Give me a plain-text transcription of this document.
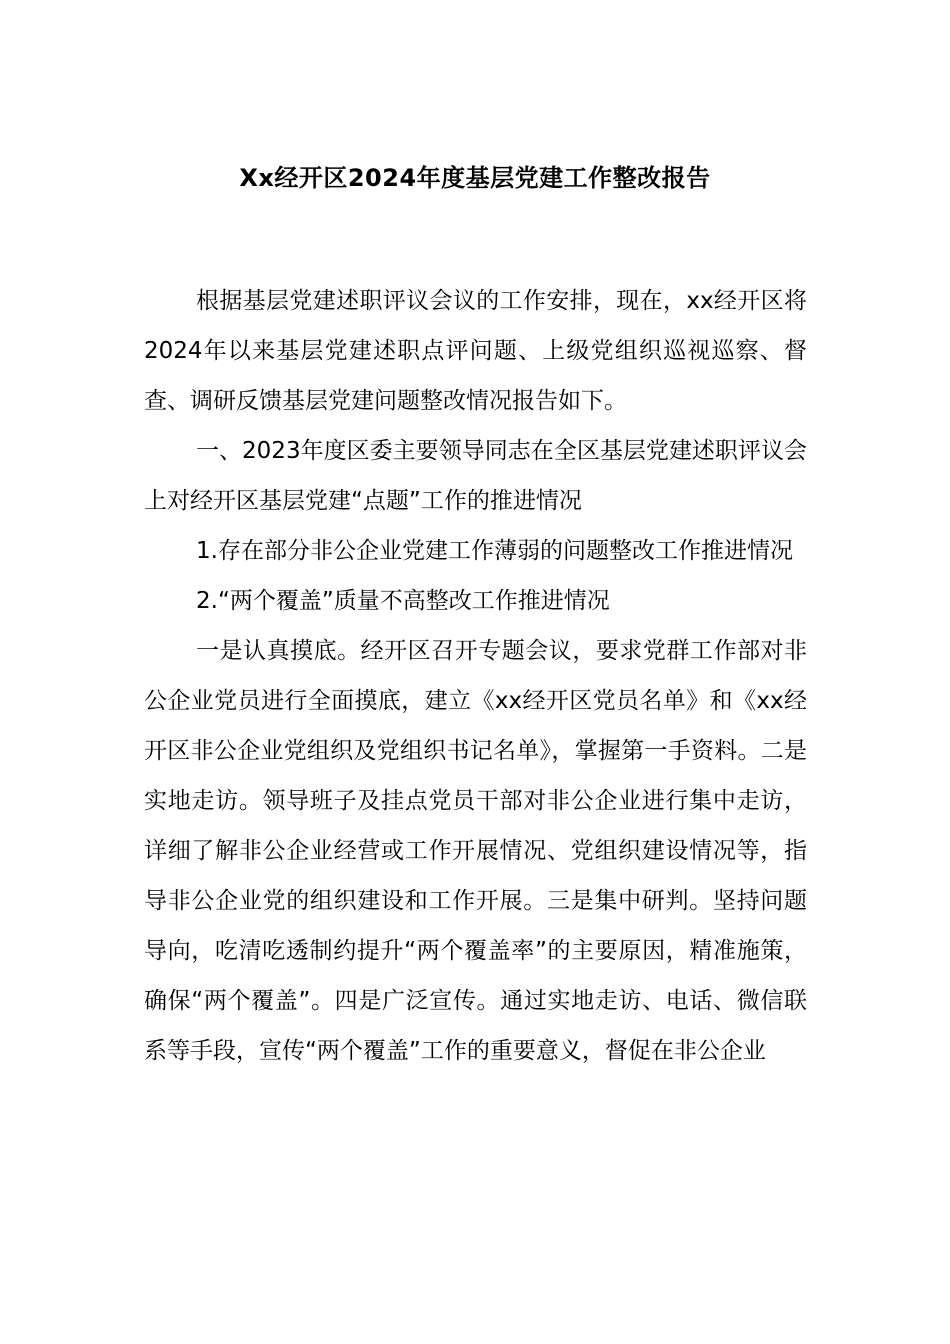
Xx经开区2024年度基层党建工作整改报告

根据基层党建述职评议会议的工作安排，现在，xx经开区将2024年以来基层党建述职点评问题、上级党组织巡视巡察、督查、调研反馈基层党建问题整改情况报告如下。

一、2023年度区委主要领导同志在全区基层党建述职评议会上对经开区基层党建“点题”工作的推进情况

1.存在部分非公企业党建工作薄弱的问题整改工作推进情况

2.“两个覆盖”质量不高整改工作推进情况

一是认真摸底。经开区召开专题会议，要求党群工作部对非公企业党员进行全面摸底，建立《xx经开区党员名单》和《xx经开区非公企业党组织及党组织书记名单》，掌握第一手资料。二是实地走访。领导班子及挂点党员干部对非公企业进行集中走访，详细了解非公企业经营或工作开展情况、党组织建设情况等，指导非公企业党的组织建设和工作开展。三是集中研判。坚持问题导向，吃清吃透制约提升“两个覆盖率”的主要原因，精准施策，确保“两个覆盖”。四是广泛宣传。通过实地走访、电话、微信联系等手段，宣传“两个覆盖”工作的重要意义，督促在非公企业
